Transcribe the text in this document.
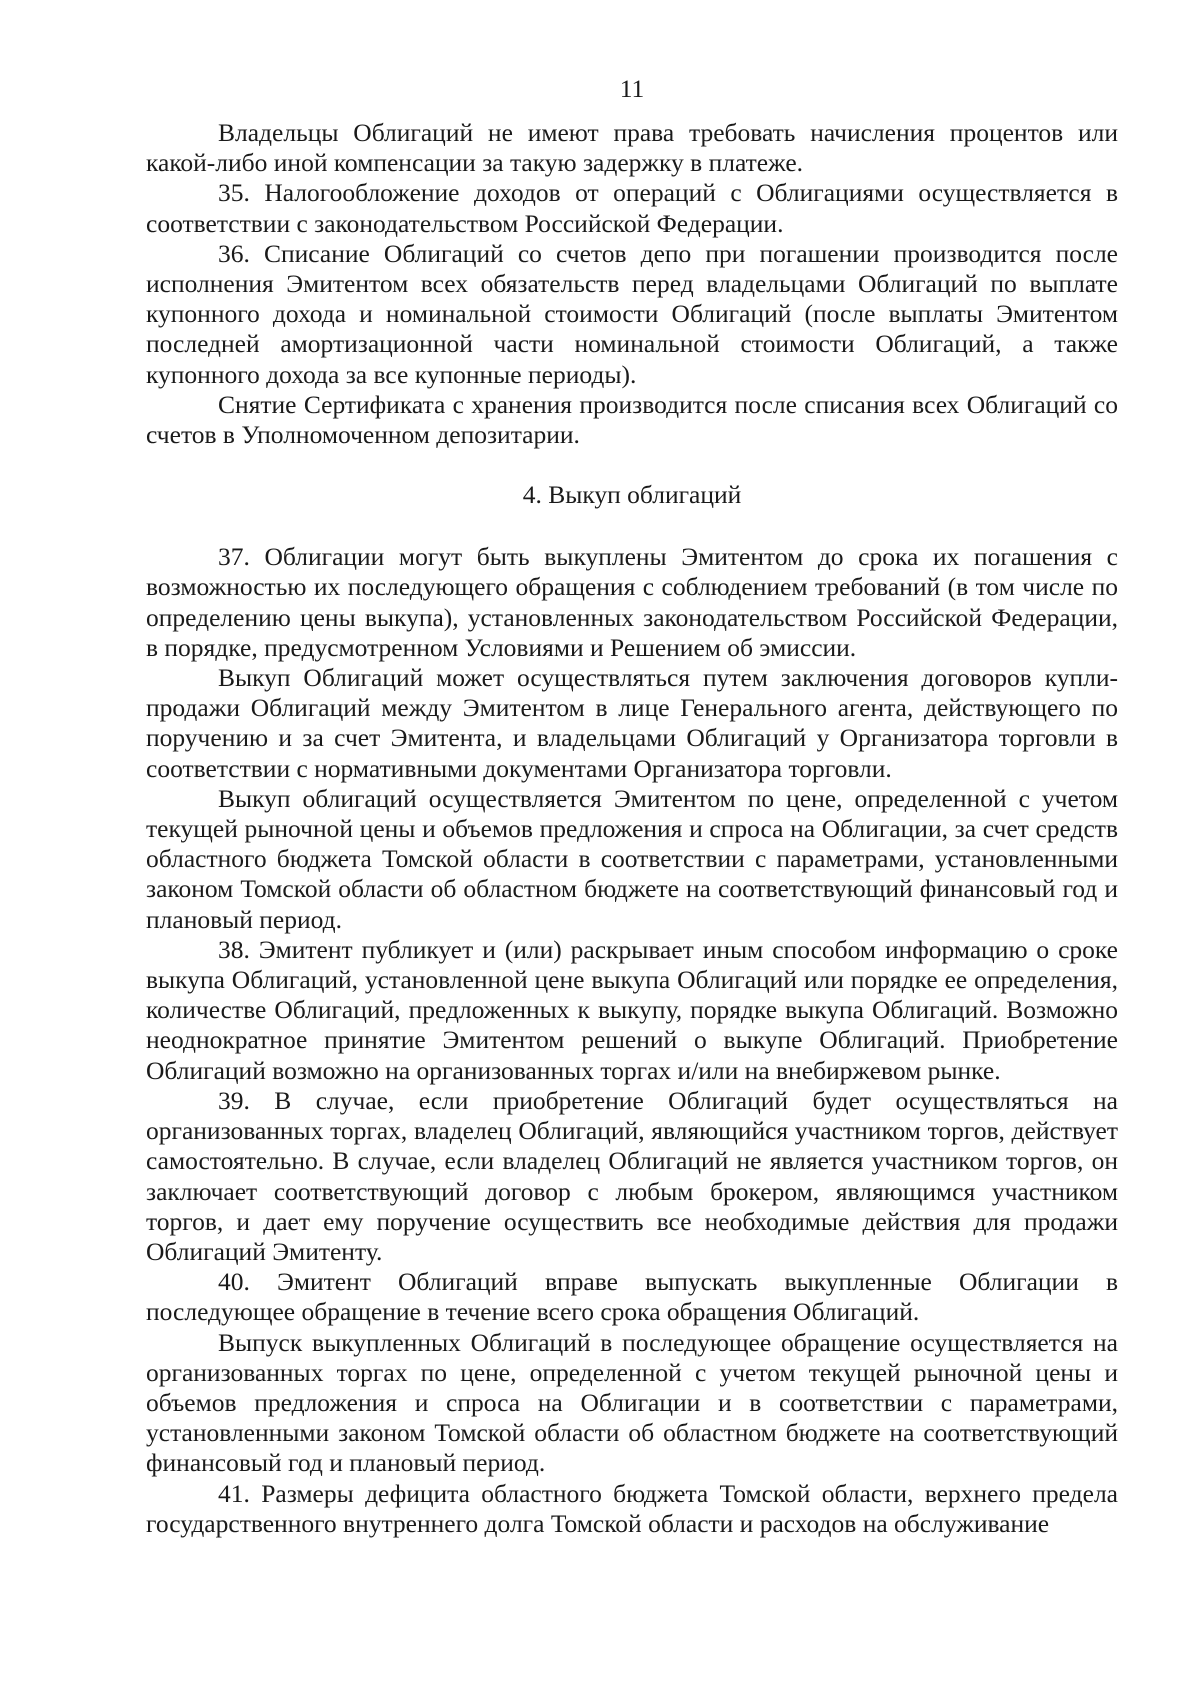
11

Владельцы Облигаций не имеют права требовать начисления процентов или какой-либо иной компенсации за такую задержку в платеже.

35. Налогообложение доходов от операций с Облигациями осуществляется в соответствии с законодательством Российской Федерации.

36. Списание Облигаций со счетов депо при погашении производится после исполнения Эмитентом всех обязательств перед владельцами Облигаций по выплате купонного дохода и номинальной стоимости Облигаций (после выплаты Эмитентом последней амортизационной части номинальной стоимости Облигаций, а также купонного дохода за все купонные периоды).

Снятие Сертификата с хранения производится после списания всех Облигаций со счетов в Уполномоченном депозитарии.

4. Выкуп облигаций

37. Облигации могут быть выкуплены Эмитентом до срока их погашения с возможностью их последующего обращения с соблюдением требований (в том числе по определению цены выкупа), установленных законодательством Российской Федерации, в порядке, предусмотренном Условиями и Решением об эмиссии.

Выкуп Облигаций может осуществляться путем заключения договоров купли-продажи Облигаций между Эмитентом в лице Генерального агента, действующего по поручению и за счет Эмитента, и владельцами Облигаций у Организатора торговли в соответствии с нормативными документами Организатора торговли.

Выкуп облигаций осуществляется Эмитентом по цене, определенной с учетом текущей рыночной цены и объемов предложения и спроса на Облигации, за счет средств областного бюджета Томской области в соответствии с параметрами, установленными законом Томской области об областном бюджете на соответствующий финансовый год и плановый период.

38. Эмитент публикует и (или) раскрывает иным способом информацию о сроке выкупа Облигаций, установленной цене выкупа Облигаций или порядке ее определения, количестве Облигаций, предложенных к выкупу, порядке выкупа Облигаций. Возможно неоднократное принятие Эмитентом решений о выкупе Облигаций. Приобретение Облигаций возможно на организованных торгах и/или на внебиржевом рынке.

39. В случае, если приобретение Облигаций будет осуществляться на организованных торгах, владелец Облигаций, являющийся участником торгов, действует самостоятельно. В случае, если владелец Облигаций не является участником торгов, он заключает соответствующий договор с любым брокером, являющимся участником торгов, и дает ему поручение осуществить все необходимые действия для продажи Облигаций Эмитенту.

40. Эмитент Облигаций вправе выпускать выкупленные Облигации в последующее обращение в течение всего срока обращения Облигаций.

Выпуск выкупленных Облигаций в последующее обращение осуществляется на организованных торгах по цене, определенной с учетом текущей рыночной цены и объемов предложения и спроса на Облигации и в соответствии с параметрами, установленными законом Томской области об областном бюджете на соответствующий финансовый год и плановый период.

41. Размеры дефицита областного бюджета Томской области, верхнего предела государственного внутреннего долга Томской области и расходов на обслуживание
